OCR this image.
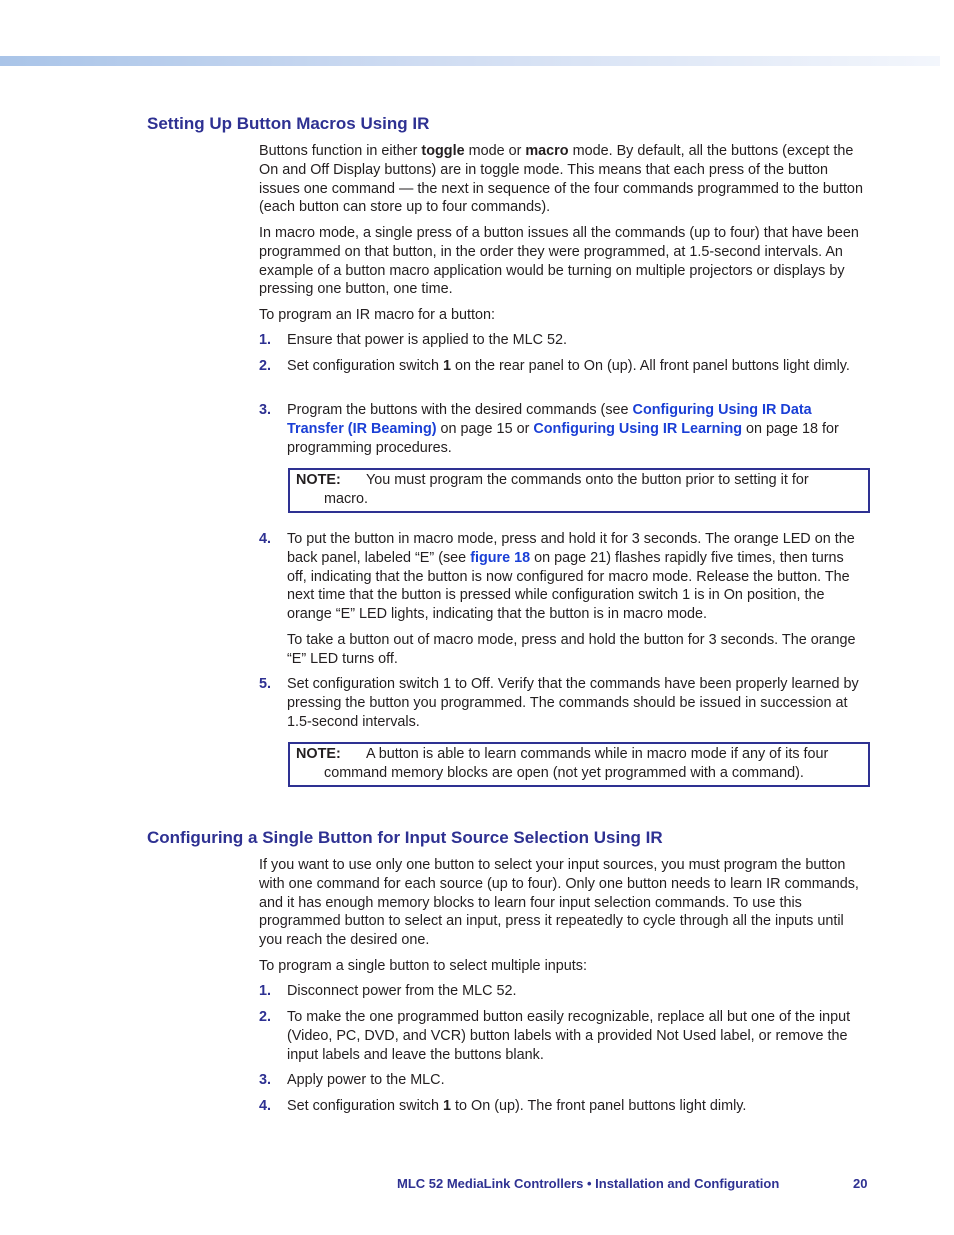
Setting Up Button Macros Using IR

Buttons function in either toggle mode or macro mode. By default, all the buttons (except the On and Off Display buttons) are in toggle mode. This means that each press of the button issues one command — the next in sequence of the four commands programmed to the button (each button can store up to four commands).

In macro mode, a single press of a button issues all the commands (up to four) that have been programmed on that button, in the order they were programmed, at 1.5-second intervals. An example of a button macro application would be turning on multiple projectors or displays by pressing one button, one time.

To program an IR macro for a button:

1. Ensure that power is applied to the MLC 52.
2. Set configuration switch 1 on the rear panel to On (up). All front panel buttons light dimly.
3. Program the buttons with the desired commands (see Configuring Using IR Data Transfer (IR Beaming) on page 15 or Configuring Using IR Learning on page 18 for programming procedures.
NOTE: You must program the commands onto the button prior to setting it for
macro.
4. To put the button in macro mode, press and hold it for 3 seconds. The orange LED on the back panel, labeled “E” (see figure 18 on page 21) flashes rapidly five times, then turns off, indicating that the button is now configured for macro mode. Release the button. The next time that the button is pressed while configuration switch 1 is in On position, the orange “E” LED lights, indicating that the button is in macro mode.
To take a button out of macro mode, press and hold the button for 3 seconds. The orange “E” LED turns off.
5. Set configuration switch 1 to Off. Verify that the commands have been properly learned by pressing the button you programmed. The commands should be issued in succession at 1.5-second intervals.
NOTE: A button is able to learn commands while in macro mode if any of its four
command memory blocks are open (not yet programmed with a command).
Configuring a Single Button for Input Source Selection Using IR

If you want to use only one button to select your input sources, you must program the button with one command for each source (up to four). Only one button needs to learn IR commands, and it has enough memory blocks to learn four input selection commands. To use this programmed button to select an input, press it repeatedly to cycle through all the inputs until you reach the desired one.

To program a single button to select multiple inputs:

1. Disconnect power from the MLC 52.
2. To make the one programmed button easily recognizable, replace all but one of the input (Video, PC, DVD, and VCR) button labels with a provided Not Used label, or remove the input labels and leave the buttons blank.
3. Apply power to the MLC.
4. Set configuration switch 1 to On (up). The front panel buttons light dimly.
MLC 52 MediaLink Controllers • Installation and Configuration	20
